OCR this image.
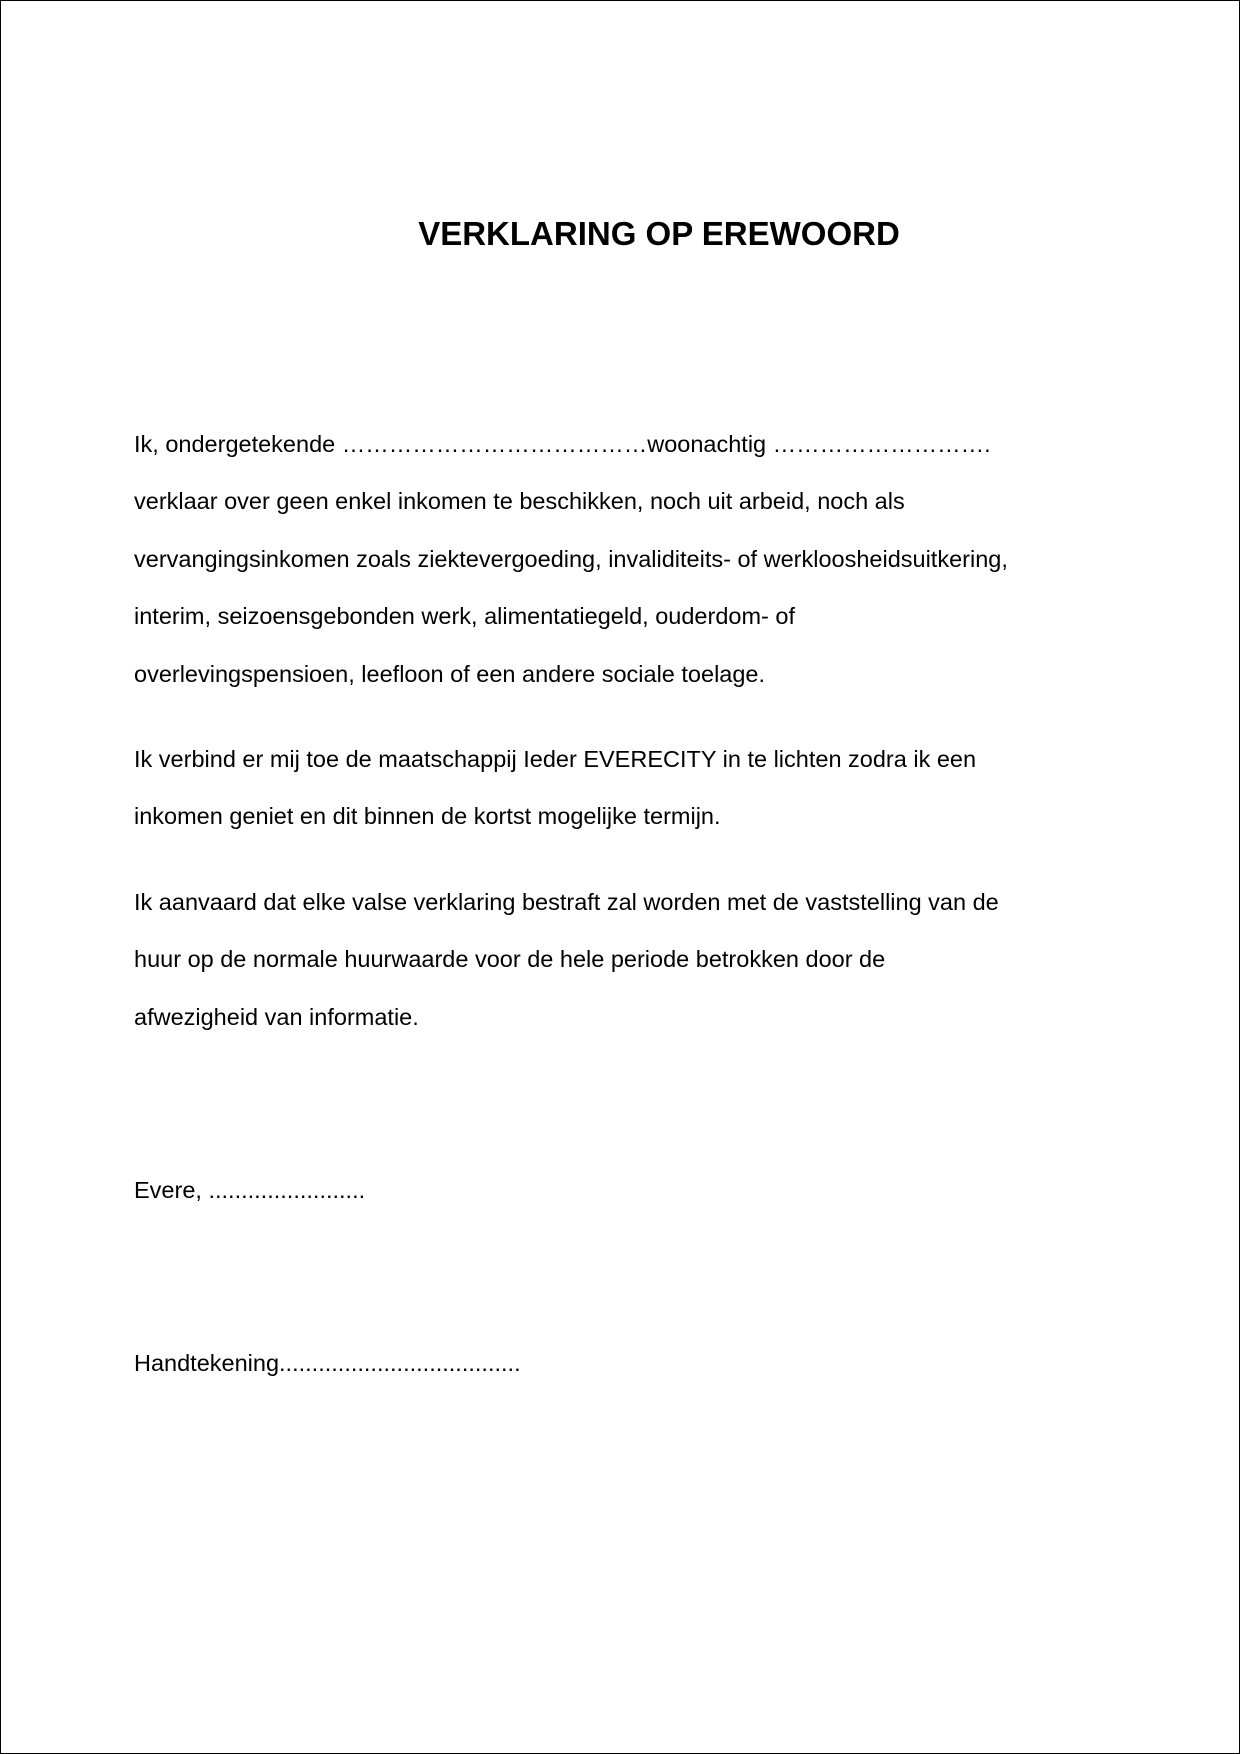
VERKLARING OP EREWOORD
Ik, ondergetekende …………………………………woonachtig ……………………….
verklaar over geen enkel inkomen te beschikken, noch uit arbeid, noch als
vervangingsinkomen zoals ziektevergoeding, invaliditeits- of werkloosheidsuitkering,
interim, seizoensgebonden werk, alimentatiegeld, ouderdom- of
overlevingspensioen, leefloon of een andere sociale toelage.
Ik verbind er mij toe de maatschappij Ieder EVERECITY in te lichten zodra ik een
inkomen geniet en dit binnen de kortst mogelijke termijn.
Ik aanvaard dat elke valse verklaring bestraft zal worden met de vaststelling van de
huur op de normale huurwaarde voor de hele periode betrokken door de
afwezigheid van informatie.
Evere, ........................
Handtekening.....................................
